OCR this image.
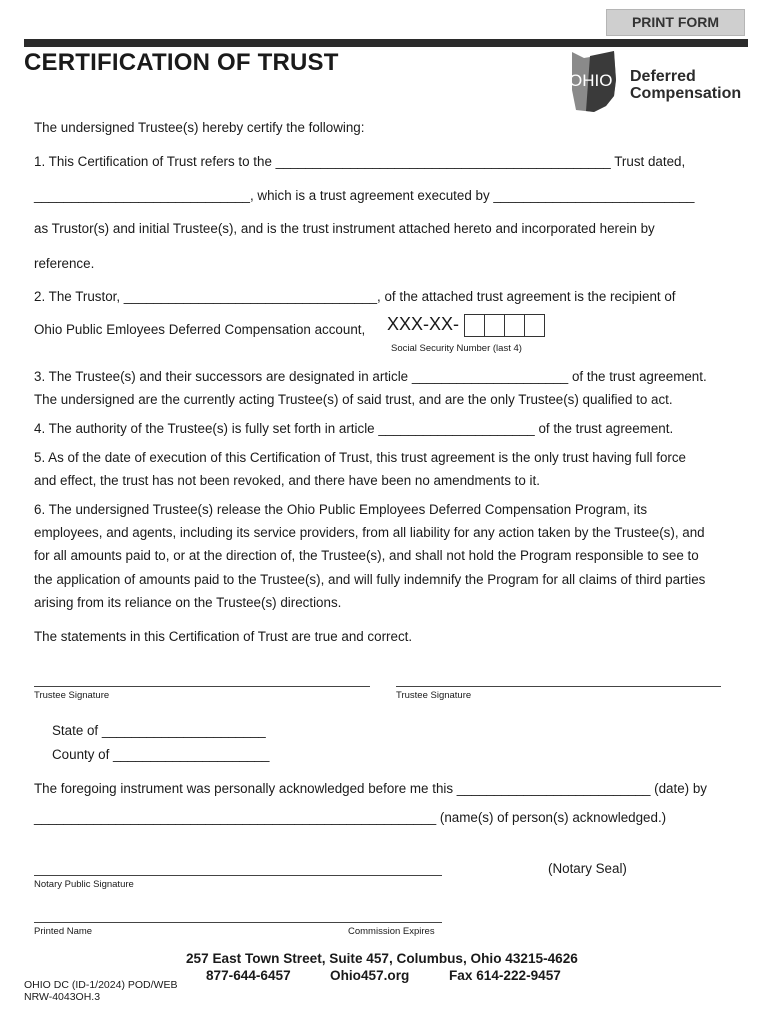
PRINT FORM
CERTIFICATION OF TRUST
OHIO Deferred
Compensation
The undersigned Trustee(s) hereby certify the following:
1. This Certification of Trust refers to the _____________________________________________ Trust dated,
_____________________________, which is a trust agreement executed by ___________________________
as Trustor(s) and initial Trustee(s), and is the trust instrument attached hereto and incorporated herein by
reference.
2. The Trustor, __________________________________, of the attached trust agreement is the recipient of
Ohio Public Emloyees Deferred Compensation account, XXX-XX-
Social Security Number (last 4)
3. The Trustee(s) and their successors are designated in article _____________________ of the trust agreement.
The undersigned are the currently acting Trustee(s) of said trust, and are the only Trustee(s) qualified to act.
4. The authority of the Trustee(s) is fully set forth in article _____________________ of the trust agreement.
5. As of the date of execution of this Certification of Trust, this trust agreement is the only trust having full force
and effect, the trust has not been revoked, and there have been no amendments to it.
6. The undersigned Trustee(s) release the Ohio Public Employees Deferred Compensation Program, its
employees, and agents, including its service providers, from all liability for any action taken by the Trustee(s), and
for all amounts paid to, or at the direction of, the Trustee(s), and shall not hold the Program responsible to see to
the application of amounts paid to the Trustee(s), and will fully indemnify the Program for all claims of third parties
arising from its reliance on the Trustee(s) directions.
The statements in this Certification of Trust are true and correct.
Trustee Signature	Trustee Signature
State of ______________________
County of _____________________
The foregoing instrument was personally acknowledged before me this __________________________ (date) by
______________________________________________________ (name(s) of person(s) acknowledged.)
(Notary Seal)
Notary Public Signature
Printed Name	Commission Expires
257 East Town Street, Suite 457, Columbus, Ohio 43215-4626
877-644-6457	Ohio457.org	Fax 614-222-9457
OHIO DC (ID-1/2024) POD/WEB
NRW-4043OH.3
